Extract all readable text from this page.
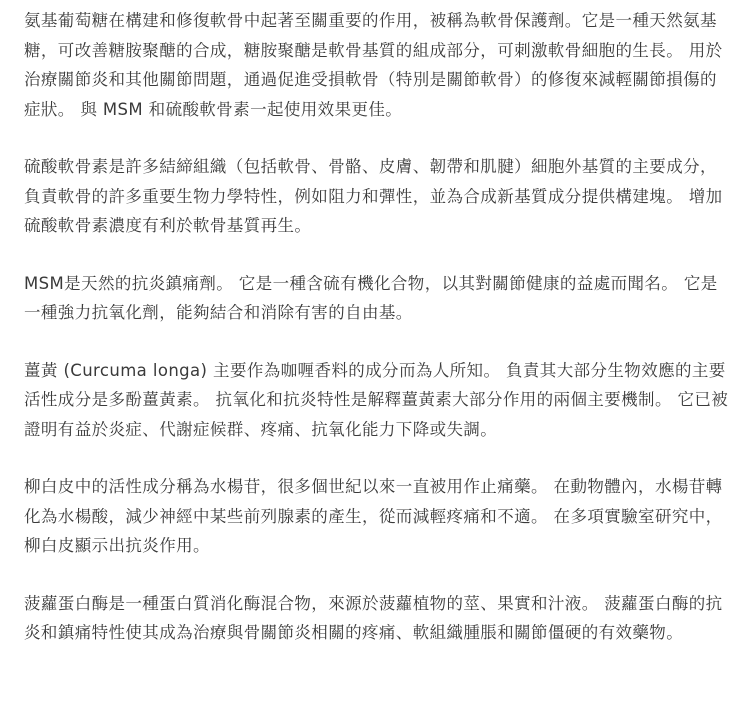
氨基葡萄糖在構建和修復軟骨中起著至關重要的作用，被稱為軟骨保護劑。它是一種天然氨基糖，可改善糖胺聚醣的合成，糖胺聚醣是軟骨基質的組成部分，可刺激軟骨細胞的生長。 用於治療關節炎和其他關節問題，通過促進受損軟骨（特別是關節軟骨）的修復來減輕關節損傷的症狀。 與 MSM 和硫酸軟骨素一起使用效果更佳。

硫酸軟骨素是許多結締組織（包括軟骨、骨骼、皮膚、韌帶和肌腱）細胞外基質的主要成分，負責軟骨的許多重要生物力學特性，例如阻力和彈性，並為合成新基質成分提供構建塊。 增加硫酸軟骨素濃度有利於軟骨基質再生。

MSM是天然的抗炎鎮痛劑。 它是一種含硫有機化合物，以其對關節健康的益處而聞名。 它是一種強力抗氧化劑，能夠結合和消除有害的自由基。

薑黃 (Curcuma longa) 主要作為咖喱香料的成分而為人所知。 負責其大部分生物效應的主要活性成分是多酚薑黃素。 抗氧化和抗炎特性是解釋薑黃素大部分作用的兩個主要機制。 它已被證明有益於炎症、代謝症候群、疼痛、抗氧化能力下降或失調。

柳白皮中的活性成分稱為水楊苷，很多個世紀以來一直被用作止痛藥。 在動物體內，水楊苷轉化為水楊酸，減少神經中某些前列腺素的產生，從而減輕疼痛和不適。 在多項實驗室研究中，柳白皮顯示出抗炎作用。

菠蘿蛋白酶是一種蛋白質消化酶混合物，來源於菠蘿植物的莖、果實和汁液。 菠蘿蛋白酶的抗炎和鎮痛特性使其成為治療與骨關節炎相關的疼痛、軟組織腫脹和關節僵硬的有效藥物。
